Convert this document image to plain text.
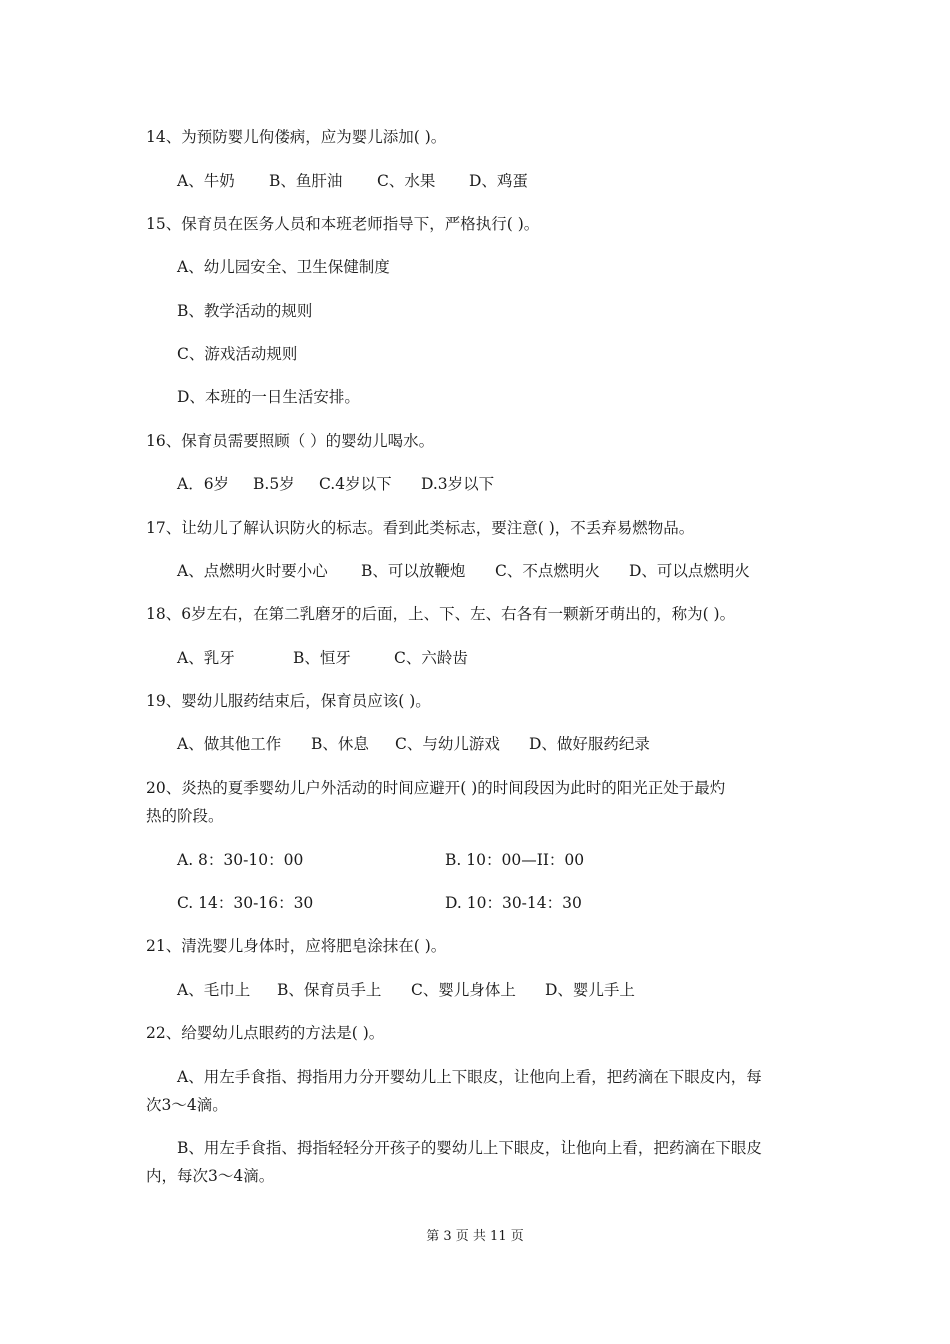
14、为预防婴儿佝偻病，应为婴儿添加( )。
A、牛奶 B、鱼肝油 C、水果 D、鸡蛋
15、保育员在医务人员和本班老师指导下，严格执行( )。
A、幼儿园安全、卫生保健制度
B、教学活动的规则
C、游戏活动规则
D、本班的一日生活安排。
16、保育员需要照顾（ ）的婴幼儿喝水。
A．6岁 B.5岁 C.4岁以下 D.3岁以下
17、让幼儿了解认识防火的标志。看到此类标志，要注意( )，不丢弃易燃物品。
A、点燃明火时要小心 B、可以放鞭炮 C、不点燃明火 D、可以点燃明火
18、6岁左右，在第二乳磨牙的后面，上、下、左、右各有一颗新牙萌出的，称为( )。
A、乳牙	B、恒牙	C、六龄齿
19、婴幼儿服药结束后，保育员应该( )。
A、做其他工作 B、休息 C、与幼儿游戏 D、做好服药纪录
20、炎热的夏季婴幼儿户外活动的时间应避开( )的时间段因为此时的阳光正处于最灼
热的阶段。
A. 8：30-10：00	B. 10：00—II：00
C. 14：30-16：30	D. 10：30-14：30
21、清洗婴儿身体时，应将肥皂涂抹在( )。
A、毛巾上 B、保育员手上 C、婴儿身体上 D、婴儿手上
22、给婴幼儿点眼药的方法是( )。
A、用左手食指、拇指用力分开婴幼儿上下眼皮，让他向上看，把药滴在下眼皮内，每
次3～4滴。
B、用左手食指、拇指轻轻分开孩子的婴幼儿上下眼皮，让他向上看，把药滴在下眼皮
内，每次3～4滴。
第 3 页 共 11 页
